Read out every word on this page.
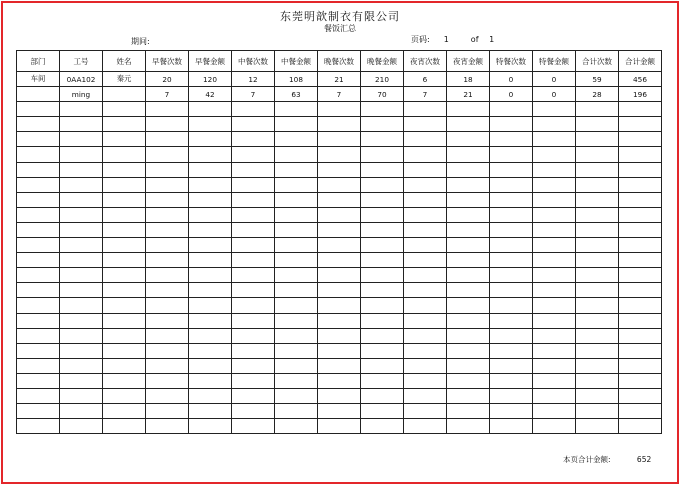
东莞明歆制衣有限公司
餐饭汇总
期间:	页码: 1	of 1
部门	工号	姓名	早餐次数	早餐金额	中餐次数	中餐金额	晚餐次数	晚餐金额	夜宵次数	夜宵金额	特餐次数	特餐金额	合计次数	合计金额
车间	0AA102	秦元	20	120	12	108	21	210	6	18	0	0	59	456
	ming		7	42	7	63	7	70	7	21	0	0	28	196

本页合计金额:	652
